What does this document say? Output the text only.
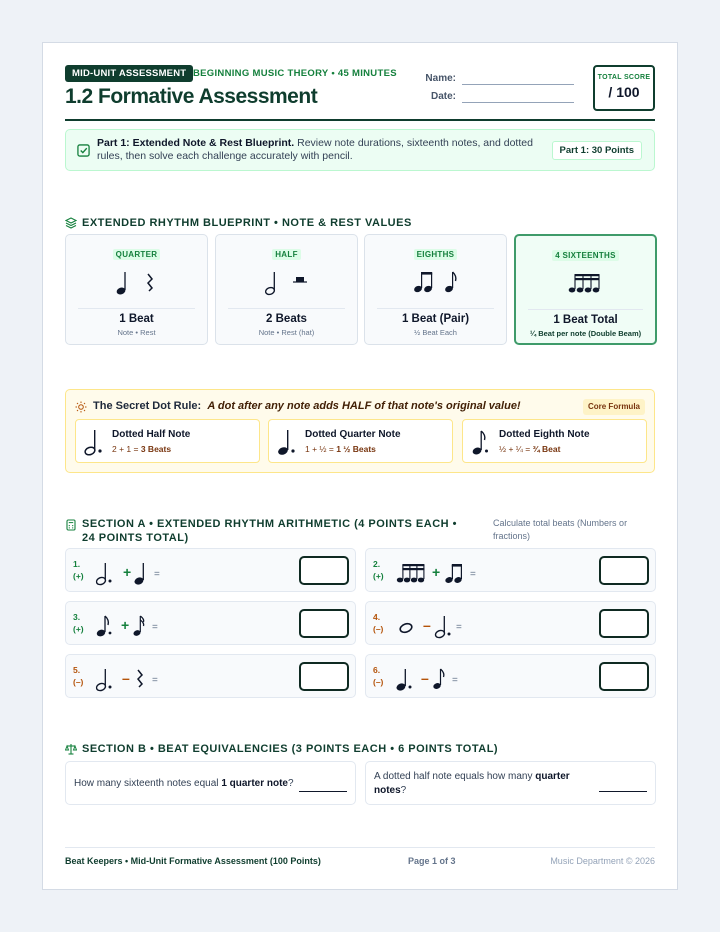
MID-UNIT ASSESSMENT BEGINNING MUSIC THEORY • 45 MINUTES
1.2 Formative Assessment
Name:
Date:
TOTAL SCORE
/ 100
Part 1: Extended Note & Rest Blueprint. Review note durations, sixteenth notes, and dotted rules, then solve each challenge accurately with pencil.	Part 1: 30 Points
EXTENDED RHYTHM BLUEPRINT • NOTE & REST VALUES
QUARTER
1 Beat
Note • Rest
HALF
2 Beats
Note • Rest (hat)
EIGHTHS
1 Beat (Pair)
½ Beat Each
4 SIXTEENTHS
1 Beat Total
¼ Beat per note (Double Beam)
The Secret Dot Rule: A dot after any note adds HALF of that note's original value!	Core Formula
Dotted Half Note
2 + 1 = 3 Beats
Dotted Quarter Note
1 + ½ = 1 ½ Beats
Dotted Eighth Note
½ + ¼ = ¾ Beat
SECTION A • EXTENDED RHYTHM ARITHMETIC (4 POINTS EACH • 24 POINTS TOTAL)
Calculate total beats (Numbers or fractions)
1.
(+)	+ =
2.
(+)	+	=
3.
(+)	+ =
4.
(–)	–	=
5.
(–)	– =
6.
(–)	– =
SECTION B • BEAT EQUIVALENCIES (3 POINTS EACH • 6 POINTS TOTAL)
How many sixteenth notes equal 1 quarter note?
A dotted half note equals how many quarter notes?
Beat Keepers • Mid-Unit Formative Assessment (100 Points)	Page 1 of 3	Music Department © 2026
